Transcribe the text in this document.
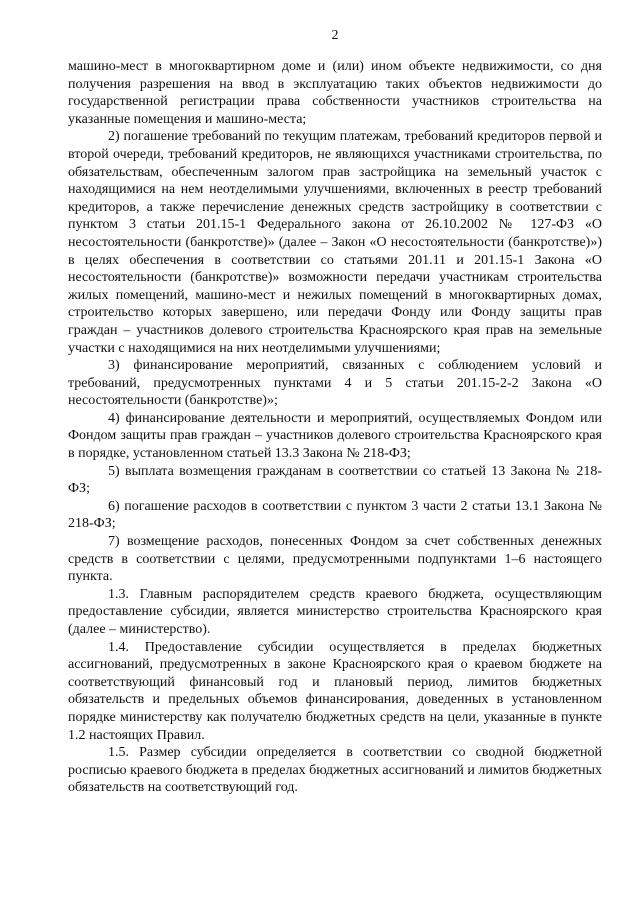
2

машино-мест в многоквартирном доме и (или) ином объекте недвижимости, со дня получения разрешения на ввод в эксплуатацию таких объектов недвижимости до государственной регистрации права собственности участников строительства на указанные помещения и машино-места;

2) погашение требований по текущим платежам, требований кредиторов первой и второй очереди, требований кредиторов, не являющихся участниками строительства, по обязательствам, обеспеченным залогом прав застройщика на земельный участок с находящимися на нем неотделимыми улучшениями, включенных в реестр требований кредиторов, а также перечисление денежных средств застройщику в соответствии с пунктом 3 статьи 201.15-1 Федерального закона от 26.10.2002 № 127-ФЗ «О несостоятельности (банкротстве)» (далее – Закон «О несостоятельности (банкротстве)») в целях обеспечения в соответствии со статьями 201.11 и 201.15-1 Закона «О несостоятельности (банкротстве)» возможности передачи участникам строительства жилых помещений, машино-мест и нежилых помещений в многоквартирных домах, строительство которых завершено, или передачи Фонду или Фонду защиты прав граждан – участников долевого строительства Красноярского края прав на земельные участки с находящимися на них неотделимыми улучшениями;

3) финансирование мероприятий, связанных с соблюдением условий и требований, предусмотренных пунктами 4 и 5 статьи 201.15-2-2 Закона «О несостоятельности (банкротстве)»;

4) финансирование деятельности и мероприятий, осуществляемых Фондом или Фондом защиты прав граждан – участников долевого строительства Красноярского края в порядке, установленном статьей 13.3 Закона № 218-ФЗ;

5) выплата возмещения гражданам в соответствии со статьей 13 Закона № 218-ФЗ;

6) погашение расходов в соответствии с пунктом 3 части 2 статьи 13.1 Закона № 218-ФЗ;

7) возмещение расходов, понесенных Фондом за счет собственных денежных средств в соответствии с целями, предусмотренными подпунктами 1–6 настоящего пункта.

1.3. Главным распорядителем средств краевого бюджета, осуществляющим предоставление субсидии, является министерство строительства Красноярского края (далее – министерство).

1.4. Предоставление субсидии осуществляется в пределах бюджетных ассигнований, предусмотренных в законе Красноярского края о краевом бюджете на соответствующий финансовый год и плановый период, лимитов бюджетных обязательств и предельных объемов финансирования, доведенных в установленном порядке министерству как получателю бюджетных средств на цели, указанные в пункте 1.2 настоящих Правил.

1.5. Размер субсидии определяется в соответствии со сводной бюджетной росписью краевого бюджета в пределах бюджетных ассигнований и лимитов бюджетных обязательств на соответствующий год.
